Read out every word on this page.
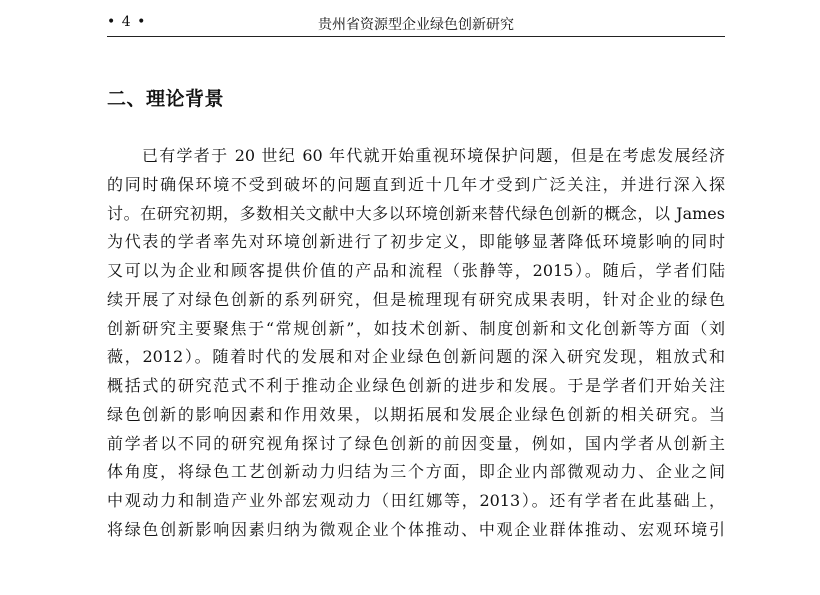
• 4 •	贵州省资源型企业绿色创新研究
二、理论背景
已有学者于 20 世纪 60 年代就开始重视环境保护问题，但是在考虑发展经济
的同时确保环境不受到破坏的问题直到近十几年才受到广泛关注，并进行深入探
讨。在研究初期，多数相关文献中大多以环境创新来替代绿色创新的概念，以 James
为代表的学者率先对环境创新进行了初步定义，即能够显著降低环境影响的同时
又可以为企业和顾客提供价值的产品和流程（张静等，2015）。随后，学者们陆
续开展了对绿色创新的系列研究，但是梳理现有研究成果表明，针对企业的绿色
创新研究主要聚焦于“常规创新”，如技术创新、制度创新和文化创新等方面（刘
薇，2012）。随着时代的发展和对企业绿色创新问题的深入研究发现，粗放式和
概括式的研究范式不利于推动企业绿色创新的进步和发展。于是学者们开始关注
绿色创新的影响因素和作用效果，以期拓展和发展企业绿色创新的相关研究。当
前学者以不同的研究视角探讨了绿色创新的前因变量，例如，国内学者从创新主
体角度，将绿色工艺创新动力归结为三个方面，即企业内部微观动力、企业之间
中观动力和制造产业外部宏观动力（田红娜等，2013）。还有学者在此基础上，
将绿色创新影响因素归纳为微观企业个体推动、中观企业群体推动、宏观环境引
